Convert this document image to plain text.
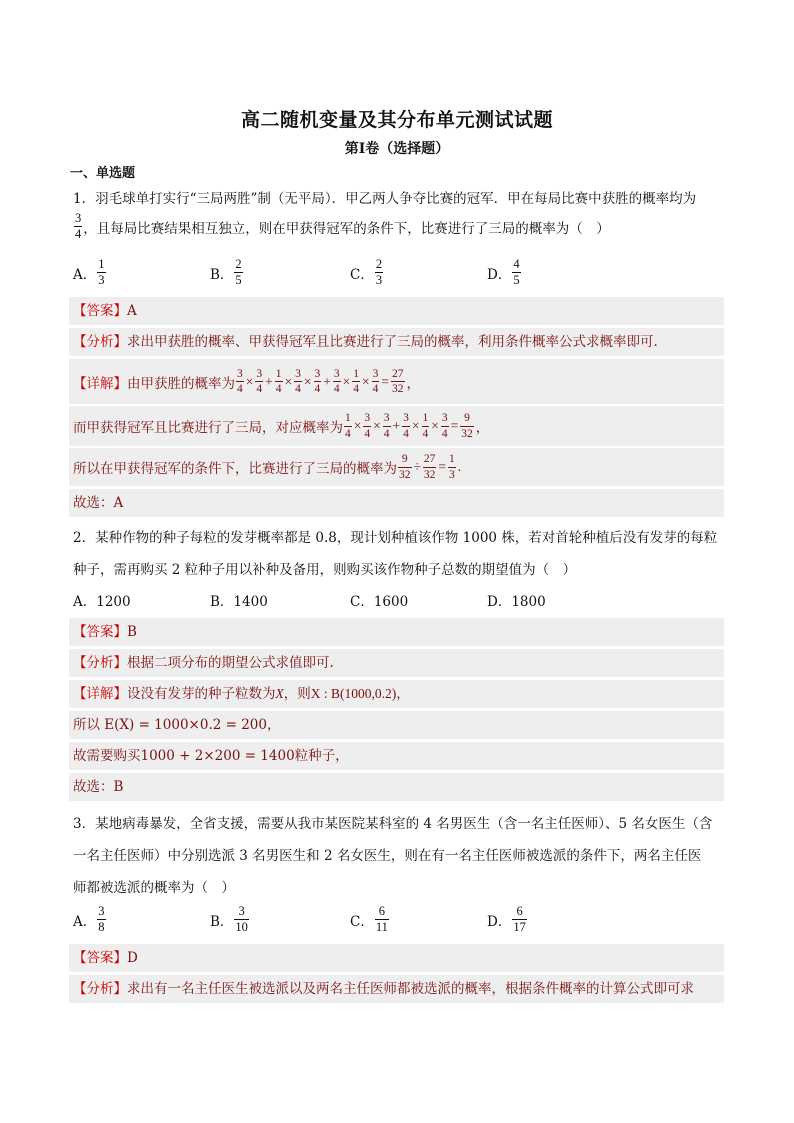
高二随机变量及其分布单元测试试题
第I卷（选择题）
一、单选题
1．羽毛球单打实行“三局两胜”制（无平局）．甲乙两人争夺比赛的冠军．甲在每局比赛中获胜的概率均为
$\frac{3}{4}$ ，且每局比赛结果相互独立，则在甲获得冠军的条件下，比赛进行了三局的概率为（　）
A． $\frac{1}{3}$	B． $\frac{2}{5}$	C． $\frac{2}{3}$	D． $\frac{4}{5}$
【答案】A
【分析】求出甲获胜的概率、甲获得冠军且比赛进行了三局的概率，利用条件概率公式求概率即可.
【详解】 由甲获胜的概率为 $\frac{3}{4} \times \frac{3}{4} + \frac{1}{4} \times \frac{3}{4} \times \frac{3}{4} + \frac{3}{4} \times \frac{1}{4} \times \frac{3}{4} = \frac{27}{32}$ ，
而甲获得冠军且比赛进行了三局，对应概率为 $\frac{1}{4} \times \frac{3}{4} \times \frac{3}{4} + \frac{3}{4} \times \frac{1}{4} \times \frac{3}{4} = \frac{9}{32}$ ，
所以在甲获得冠军的条件下，比赛进行了三局的概率为 $\frac{9}{32} \div \frac{27}{32} = \frac{1}{3}$ .
故选：A
2．某种作物的种子每粒的发芽概率都是 0.8，现计划种植该作物 1000 株，若对首轮种植后没有发芽的每粒
种子，需再购买 2 粒种子用以补种及备用，则购买该作物种子总数的期望值为（　）
A．1200	B．1400	C．1600	D．1800
【答案】B
【分析】根据二项分布的期望公式求值即可.
【详解】设没有发芽的种子粒数为X，则X : B(1000,0.2)，
所以 E(X) = 1000×0.2 = 200，
故需要购买1000 + 2×200 = 1400粒种子，
故选：B
3．某地病毒暴发，全省支援，需要从我市某医院某科室的 4 名男医生（含一名主任医师）、5 名女医生（含
一名主任医师）中分别选派 3 名男医生和 2 名女医生，则在有一名主任医师被选派的条件下，两名主任医
师都被选派的概率为（　）
A． $\frac{3}{8}$	B． $\frac{3}{10}$	C． $\frac{6}{11}$	D． $\frac{6}{17}$
【答案】D
【分析】求出有一名主任医生被选派以及两名主任医师都被选派的概率，根据条件概率的计算公式即可求
